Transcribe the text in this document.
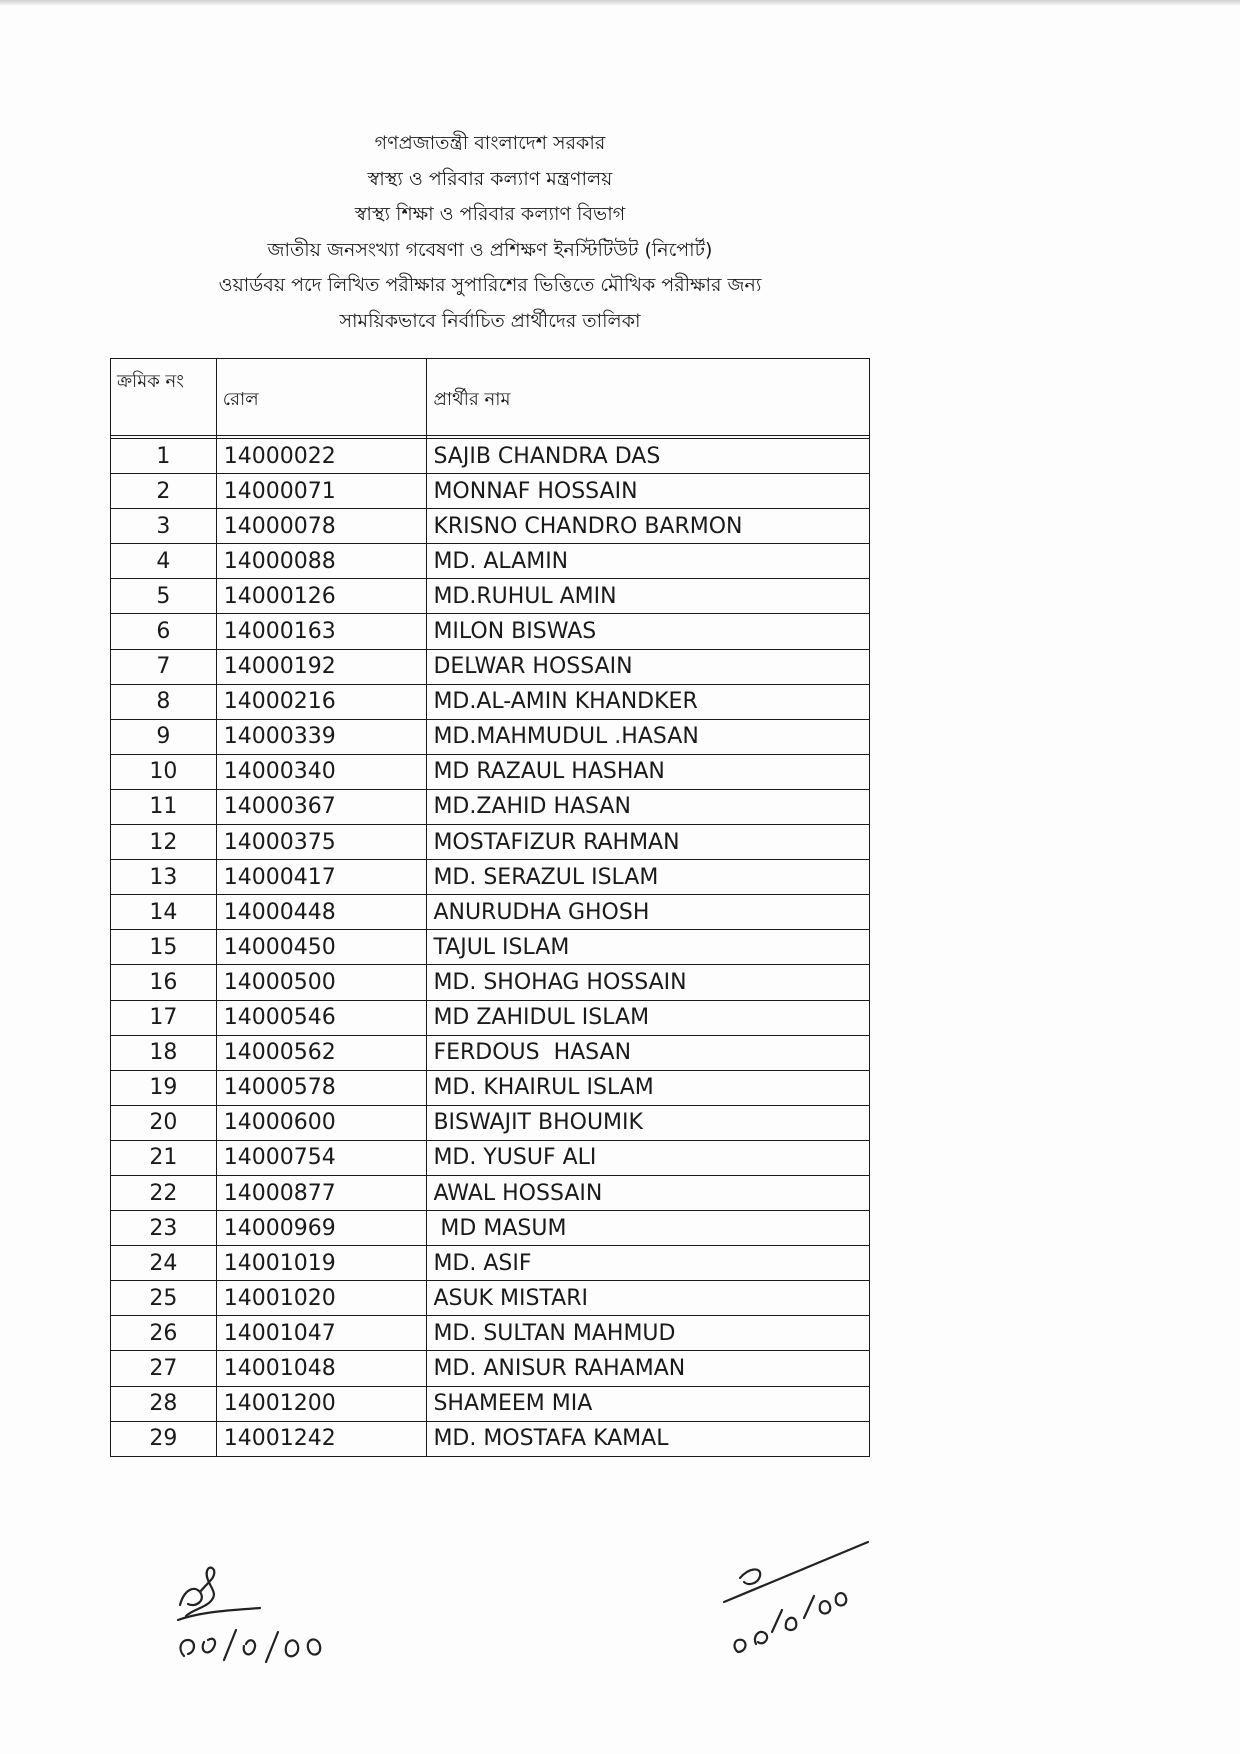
গণপ্রজাতন্ত্রী বাংলাদেশ সরকার
স্বাস্থ্য ও পরিবার কল্যাণ মন্ত্রণালয়
স্বাস্থ্য শিক্ষা ও পরিবার কল্যাণ বিভাগ
জাতীয় জনসংখ্যা গবেষণা ও প্রশিক্ষণ ইনস্টিটিউট (নিপোর্ট)
ওয়ার্ডবয় পদে লিখিত পরীক্ষার সুপারিশের ভিত্তিতে মৌখিক পরীক্ষার জন্য
সাময়িকভাবে নির্বাচিত প্রার্থীদের তালিকা
ক্রমিক নং	রোল	প্রার্থীর নাম

1	14000022	SAJIB CHANDRA DAS
2	14000071	MONNAF HOSSAIN
3	14000078	KRISNO CHANDRO BARMON
4	14000088	MD. ALAMIN
5	14000126	MD.RUHUL AMIN
6	14000163	MILON BISWAS
7	14000192	DELWAR HOSSAIN
8	14000216	MD.AL-AMIN KHANDKER
9	14000339	MD.MAHMUDUL .HASAN
10	14000340	MD RAZAUL HASHAN
11	14000367	MD.ZAHID HASAN
12	14000375	MOSTAFIZUR RAHMAN
13	14000417	MD. SERAZUL ISLAM
14	14000448	ANURUDHA GHOSH
15	14000450	TAJUL ISLAM
16	14000500	MD. SHOHAG HOSSAIN
17	14000546	MD ZAHIDUL ISLAM
18	14000562	FERDOUS  HASAN
19	14000578	MD. KHAIRUL ISLAM
20	14000600	BISWAJIT BHOUMIK
21	14000754	MD. YUSUF ALI
22	14000877	AWAL HOSSAIN
23	14000969	MD MASUM
24	14001019	MD. ASIF
25	14001020	ASUK MISTARI
26	14001047	MD. SULTAN MAHMUD
27	14001048	MD. ANISUR RAHAMAN
28	14001200	SHAMEEM MIA
29	14001242	MD. MOSTAFA KAMAL
